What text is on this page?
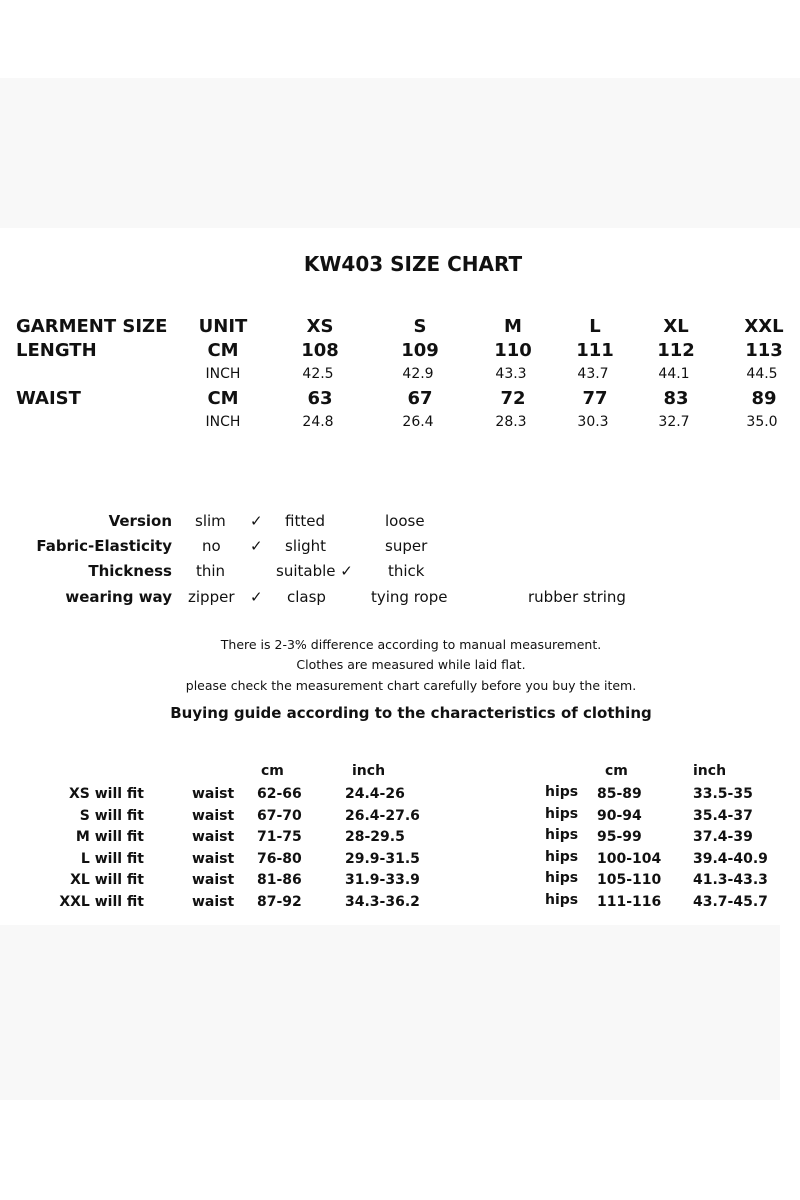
KW403 SIZE CHART
GARMENT SIZE UNIT	XS	S	M	L	XL	XXL
LENGTH	CM	108	109	110 111 112	113
INCH	42.5	42.9	43.3	43.7	44.1	44.5
WAIST	CM	63	67	72	77	83	89
INCH	24.8	26.4	28.3	30.3	32.7	35.0
Version slim ✓ fitted	loose
Fabric-Elasticity no ✓ slight	super
Thickness thin	suitable ✓ thick
wearing way zipper ✓ clasp	tying rope	rubber string
There is 2-3% difference according to manual measurement.
Clothes are measured while laid flat.
please check the measurement chart carefully before you buy the item.
Buying guide according to the characteristics of clothing
cm	inch	cm	inch
XS will fit	waist 62-66	24.4-26	hips 85-89	33.5-35
S will fit	waist 67-70	26.4-27.6	hips 90-94	35.4-37
M will fit	waist 71-75	28-29.5	hips 95-99	37.4-39
L will fit	waist 76-80	29.9-31.5	hips 100-104 39.4-40.9
XL will fit	waist 81-86	31.9-33.9	hips 105-110 41.3-43.3
XXL will fit	waist 87-92	34.3-36.2	hips 111-116 43.7-45.7
